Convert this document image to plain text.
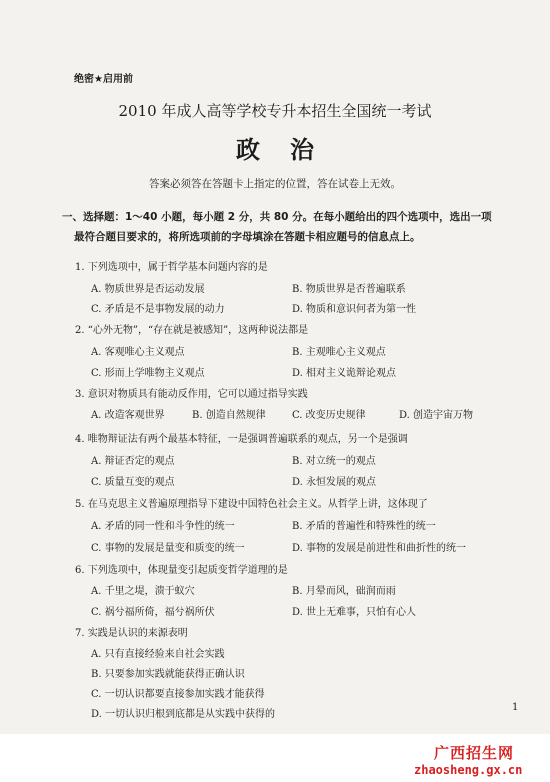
绝密★启用前
2010 年成人高等学校专升本招生全国统一考试
政治
答案必须答在答题卡上指定的位置，答在试卷上无效。
一、选择题：1～40 小题，每小题 2 分，共 80 分。在每小题给出的四个选项中，选出一项
最符合题目要求的，将所选项前的字母填涂在答题卡相应题号的信息点上。
1. 下列选项中，属于哲学基本问题内容的是
A. 物质世界是否运动发展	B. 物质世界是否普遍联系
C. 矛盾是不是事物发展的动力	D. 物质和意识何者为第一性
2. “心外无物”，“存在就是被感知”，这两种说法都是
A. 客观唯心主义观点	B. 主观唯心主义观点
C. 形而上学唯物主义观点	D. 相对主义诡辩论观点
3. 意识对物质具有能动反作用，它可以通过指导实践
A. 改造客观世界	B. 创造自然规律	C. 改变历史规律	D. 创造宇宙万物
4. 唯物辩证法有两个最基本特征，一是强调普遍联系的观点，另一个是强调
A. 辩证否定的观点	B. 对立统一的观点
C. 质量互变的观点	D. 永恒发展的观点
5. 在马克思主义普遍原理指导下建设中国特色社会主义。从哲学上讲，这体现了
A. 矛盾的同一性和斗争性的统一	B. 矛盾的普遍性和特殊性的统一
C. 事物的发展是量变和质变的统一	D. 事物的发展是前进性和曲折性的统一
6. 下列选项中，体现量变引起质变哲学道理的是
A. 千里之堤，溃于蚁穴	B. 月晕而风，础润而雨
C. 祸兮福所倚，福兮祸所伏	D. 世上无难事，只怕有心人
7. 实践是认识的来源表明
A. 只有直接经验来自社会实践
B. 只要参加实践就能获得正确认识
C. 一切认识都要直接参加实践才能获得
D. 一切认识归根到底都是从实践中获得的
1
广西招生网
zhaosheng.gx.cn
